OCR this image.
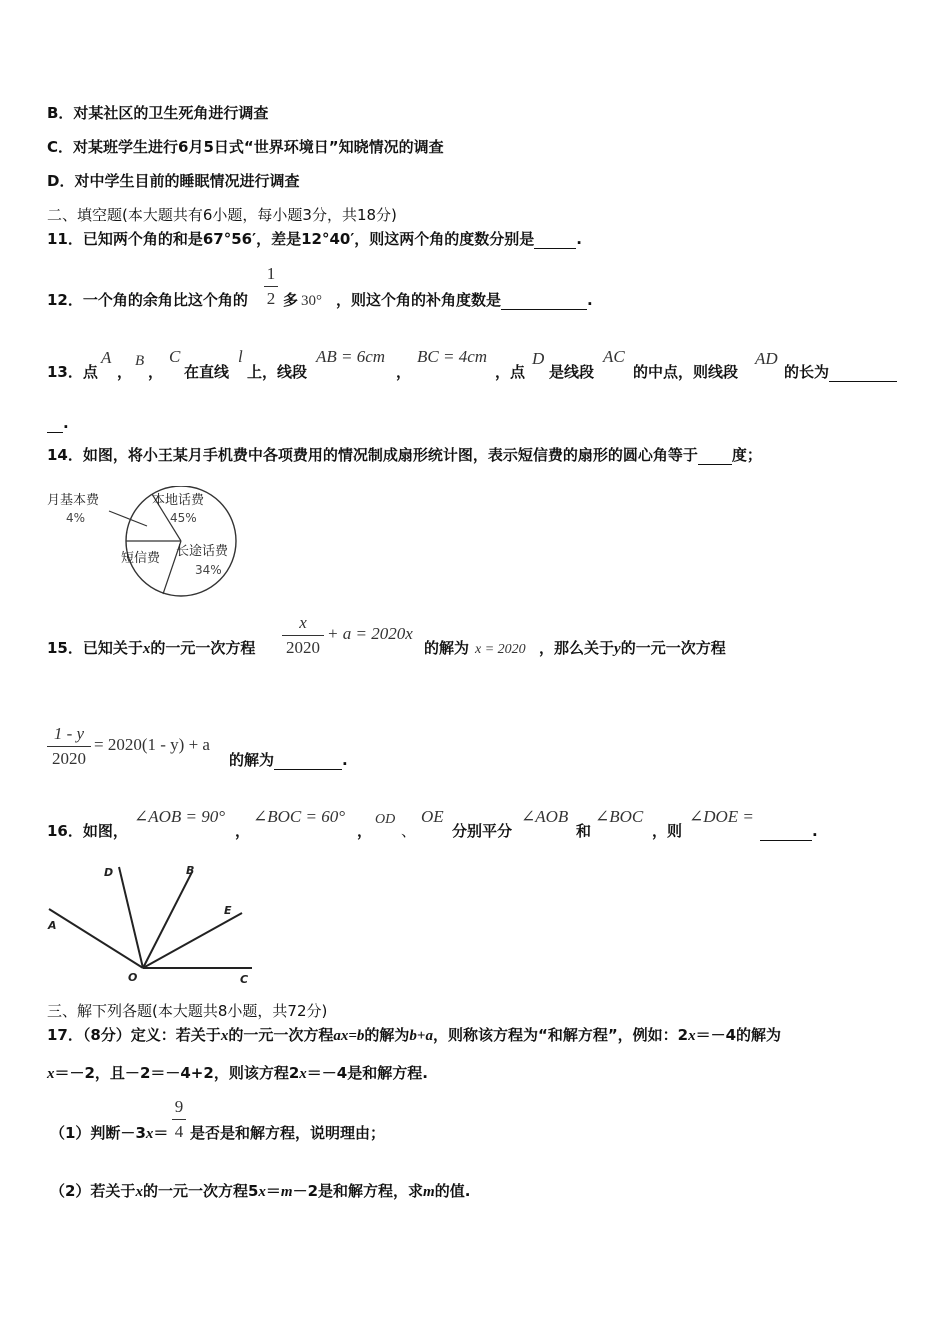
B．对某社区的卫生死角进行调查
C．对某班学生进行6月5日式“世界环境日”知晓情况的调查
D．对中学生目前的睡眠情况进行调查
二、填空题(本大题共有6小题，每小题3分，共18分)
11．已知两个角的和是67°56′，差是12°40′，则这两个角的度数分别是	.
12．一个角的余角比这个角的
1
2 多 30° ，则这个角的补角度数是	.
13．点
A
，
B
，
C
在直线
l
上，线段
AB = 6cm
，
BC = 4cm
，点
D
是线段
AC
的中点，则线段
AD
的长为
.
14．如图，将小王某月手机费中各项费用的情况制成扇形统计图，表示短信费的扇形的圆心角等于 度；
月基本费
4%
本地话费
45%
短信费 长途话费
34%
15．已知关于x的一元一次方程
x
2020
+ a = 2020x
的解为 x = 2020 ，那么关于y的一元一次方程
1 - y
2020
= 2020(1 - y) + a
的解为	.
16．如图，
∠AOB = 90°
，
∠BOC = 60°
，
OD
、
OE
分别平分
∠AOB
和
∠BOC
，则
∠DOE =
.
A
D	B
E
O	C
三、解下列各题(本大题共8小题，共72分)
17．（8分）定义：若关于x的一元一次方程ax=b的解为b+a，则称该方程为“和解方程”，例如：2x＝－4的解为
x＝－2，且－2＝－4+2，则该方程2x＝－4是和解方程.
（1）判断－3x＝
9
4 是否是和解方程，说明理由；
（2）若关于x的一元一次方程5x＝m－2是和解方程，求m的值.
